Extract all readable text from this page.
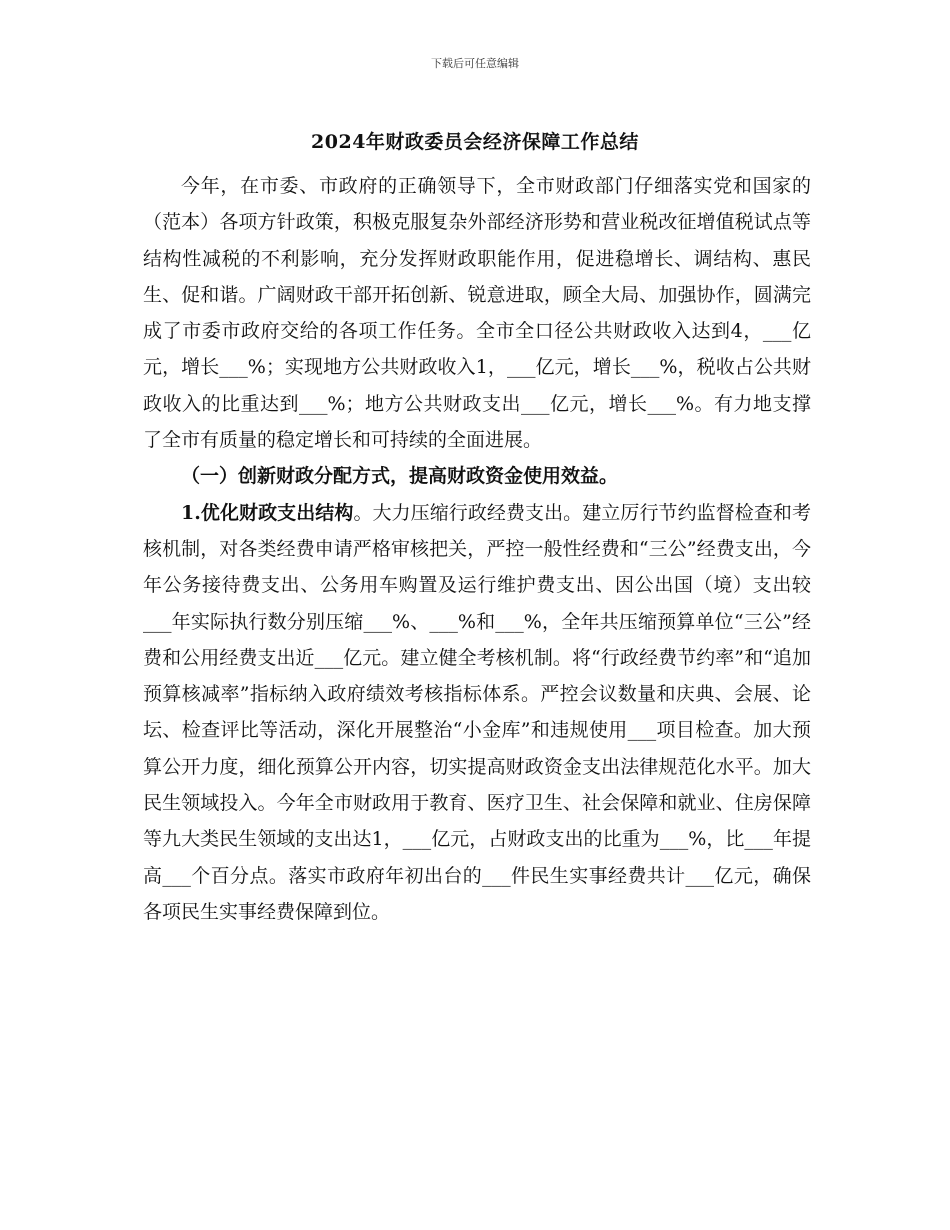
下载后可任意编辑
2024年财政委员会经济保障工作总结

今年，在市委、市政府的正确领导下，全市财政部门仔细落实党和国家的（范本）各项方针政策，积极克服复杂外部经济形势和营业税改征增值税试点等结构性减税的不利影响，充分发挥财政职能作用，促进稳增长、调结构、惠民生、促和谐。广阔财政干部开拓创新、锐意进取，顾全大局、加强协作，圆满完成了市委市政府交给的各项工作任务。全市全口径公共财政收入达到4，___亿元，增长___%；实现地方公共财政收入1，___亿元，增长___%，税收占公共财政收入的比重达到___%；地方公共财政支出___亿元，增长___%。有力地支撑了全市有质量的稳定增长和可持续的全面进展。

（一）创新财政分配方式，提高财政资金使用效益。

1.优化财政支出结构。大力压缩行政经费支出。建立厉行节约监督检查和考核机制，对各类经费申请严格审核把关，严控一般性经费和“三公”经费支出，今年公务接待费支出、公务用车购置及运行维护费支出、因公出国（境）支出较___年实际执行数分别压缩___%、___%和___%，全年共压缩预算单位“三公”经费和公用经费支出近___亿元。建立健全考核机制。将“行政经费节约率”和“追加预算核减率”指标纳入政府绩效考核指标体系。严控会议数量和庆典、会展、论坛、检查评比等活动，深化开展整治“小金库”和违规使用___项目检查。加大预算公开力度，细化预算公开内容，切实提高财政资金支出法律规范化水平。加大民生领域投入。今年全市财政用于教育、医疗卫生、社会保障和就业、住房保障等九大类民生领域的支出达1，___亿元，占财政支出的比重为___%，比___年提高___个百分点。落实市政府年初出台的___件民生实事经费共计___亿元，确保各项民生实事经费保障到位。
